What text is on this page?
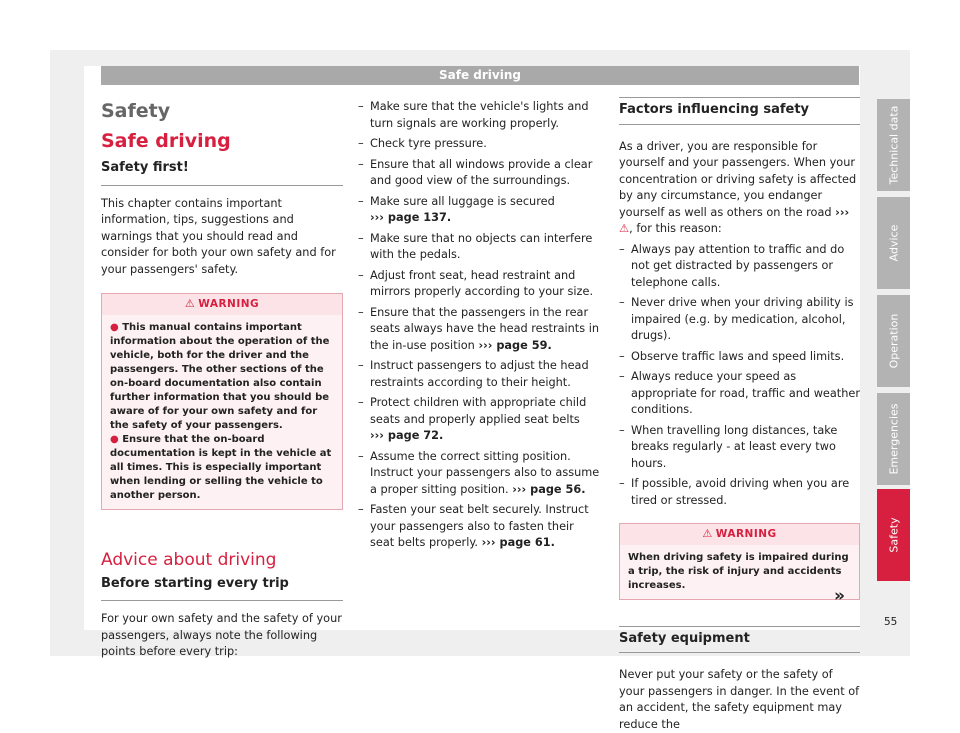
Safe driving
Safety
Safe driving
Safety first!

This chapter contains important information, tips, suggestions and warnings that you should read and consider for both your own safety and for your passengers' safety.

⚠ WARNING
● This manual contains important information about the operation of the vehicle, both for the driver and the passengers. The other sections of the on-board documentation also contain further information that you should be aware of for your own safety and for the safety of your passengers.
● Ensure that the on-board documentation is kept in the vehicle at all times. This is especially important when lending or selling the vehicle to another person.
Advice about driving
Before starting every trip

For your own safety and the safety of your passengers, always note the following points before every trip:

– Make sure that the vehicle's lights and turn signals are working properly.
– Check tyre pressure.
– Ensure that all windows provide a clear and good view of the surroundings.
– Make sure all luggage is secured
››› page 137.
– Make sure that no objects can interfere with the pedals.
– Adjust front seat, head restraint and mirrors properly according to your size.
– Ensure that the passengers in the rear seats always have the head restraints in the in-use position ››› page 59.
– Instruct passengers to adjust the head restraints according to their height.
– Protect children with appropriate child seats and properly applied seat belts
››› page 72.
– Assume the correct sitting position. Instruct your passengers also to assume a proper sitting position. ››› page 56.
– Fasten your seat belt securely. Instruct your passengers also to fasten their seat belts properly. ››› page 61.
Factors influencing safety

As a driver, you are responsible for yourself and your passengers. When your concentration or driving safety is affected by any circumstance, you endanger yourself as well as others on the road ››› ⚠, for this reason:

– Always pay attention to traffic and do not get distracted by passengers or telephone calls.
– Never drive when your driving ability is impaired (e.g. by medication, alcohol, drugs).
– Observe traffic laws and speed limits.
– Always reduce your speed as appropriate for road, traffic and weather conditions.
– When travelling long distances, take breaks regularly - at least every two hours.
– If possible, avoid driving when you are tired or stressed.
⚠ WARNING
When driving safety is impaired during a trip, the risk of injury and accidents increases.
Safety equipment

Never put your safety or the safety of your passengers in danger. In the event of an accident, the safety equipment may reduce the

Technical data
Advice
Operation
Emergencies
Safety
»
55
